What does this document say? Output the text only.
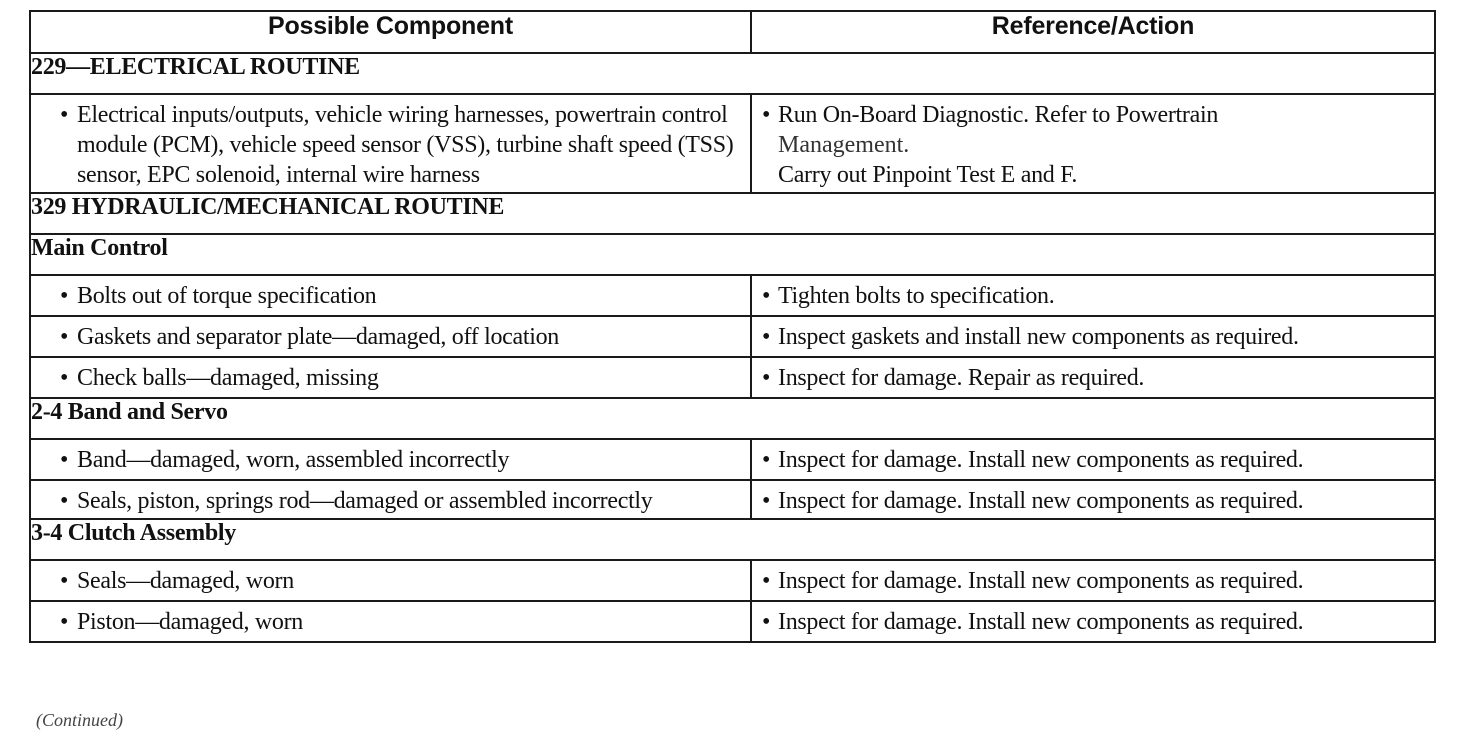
Possible Component	Reference/Action
229—ELECTRICAL ROUTINE	

• Electrical inputs/outputs, vehicle wiring harnesses, powertrain control module (PCM), vehicle speed sensor (VSS), turbine shaft speed (TSS) sensor, EPC solenoid, internal wire harness	• Run On-Board Diagnostic. Refer to Powertrain
Management.
Carry out Pinpoint Test E and F.

329 HYDRAULIC/MECHANICAL ROUTINE	
Main Control	

• Bolts out of torque specification	• Tighten bolts to specification.

• Gaskets and separator plate—damaged, off location	• Inspect gaskets and install new components as required.

• Check balls—damaged, missing	• Inspect for damage. Repair as required.

2-4 Band and Servo	

• Band—damaged, worn, assembled incorrectly	• Inspect for damage. Install new components as required.

• Seals, piston, springs rod—damaged or assembled incorrectly	• Inspect for damage. Install new components as required.

3-4 Clutch Assembly	

• Seals—damaged, worn	• Inspect for damage. Install new components as required.

• Piston—damaged, worn	• Inspect for damage. Install new components as required.
(Continued)
